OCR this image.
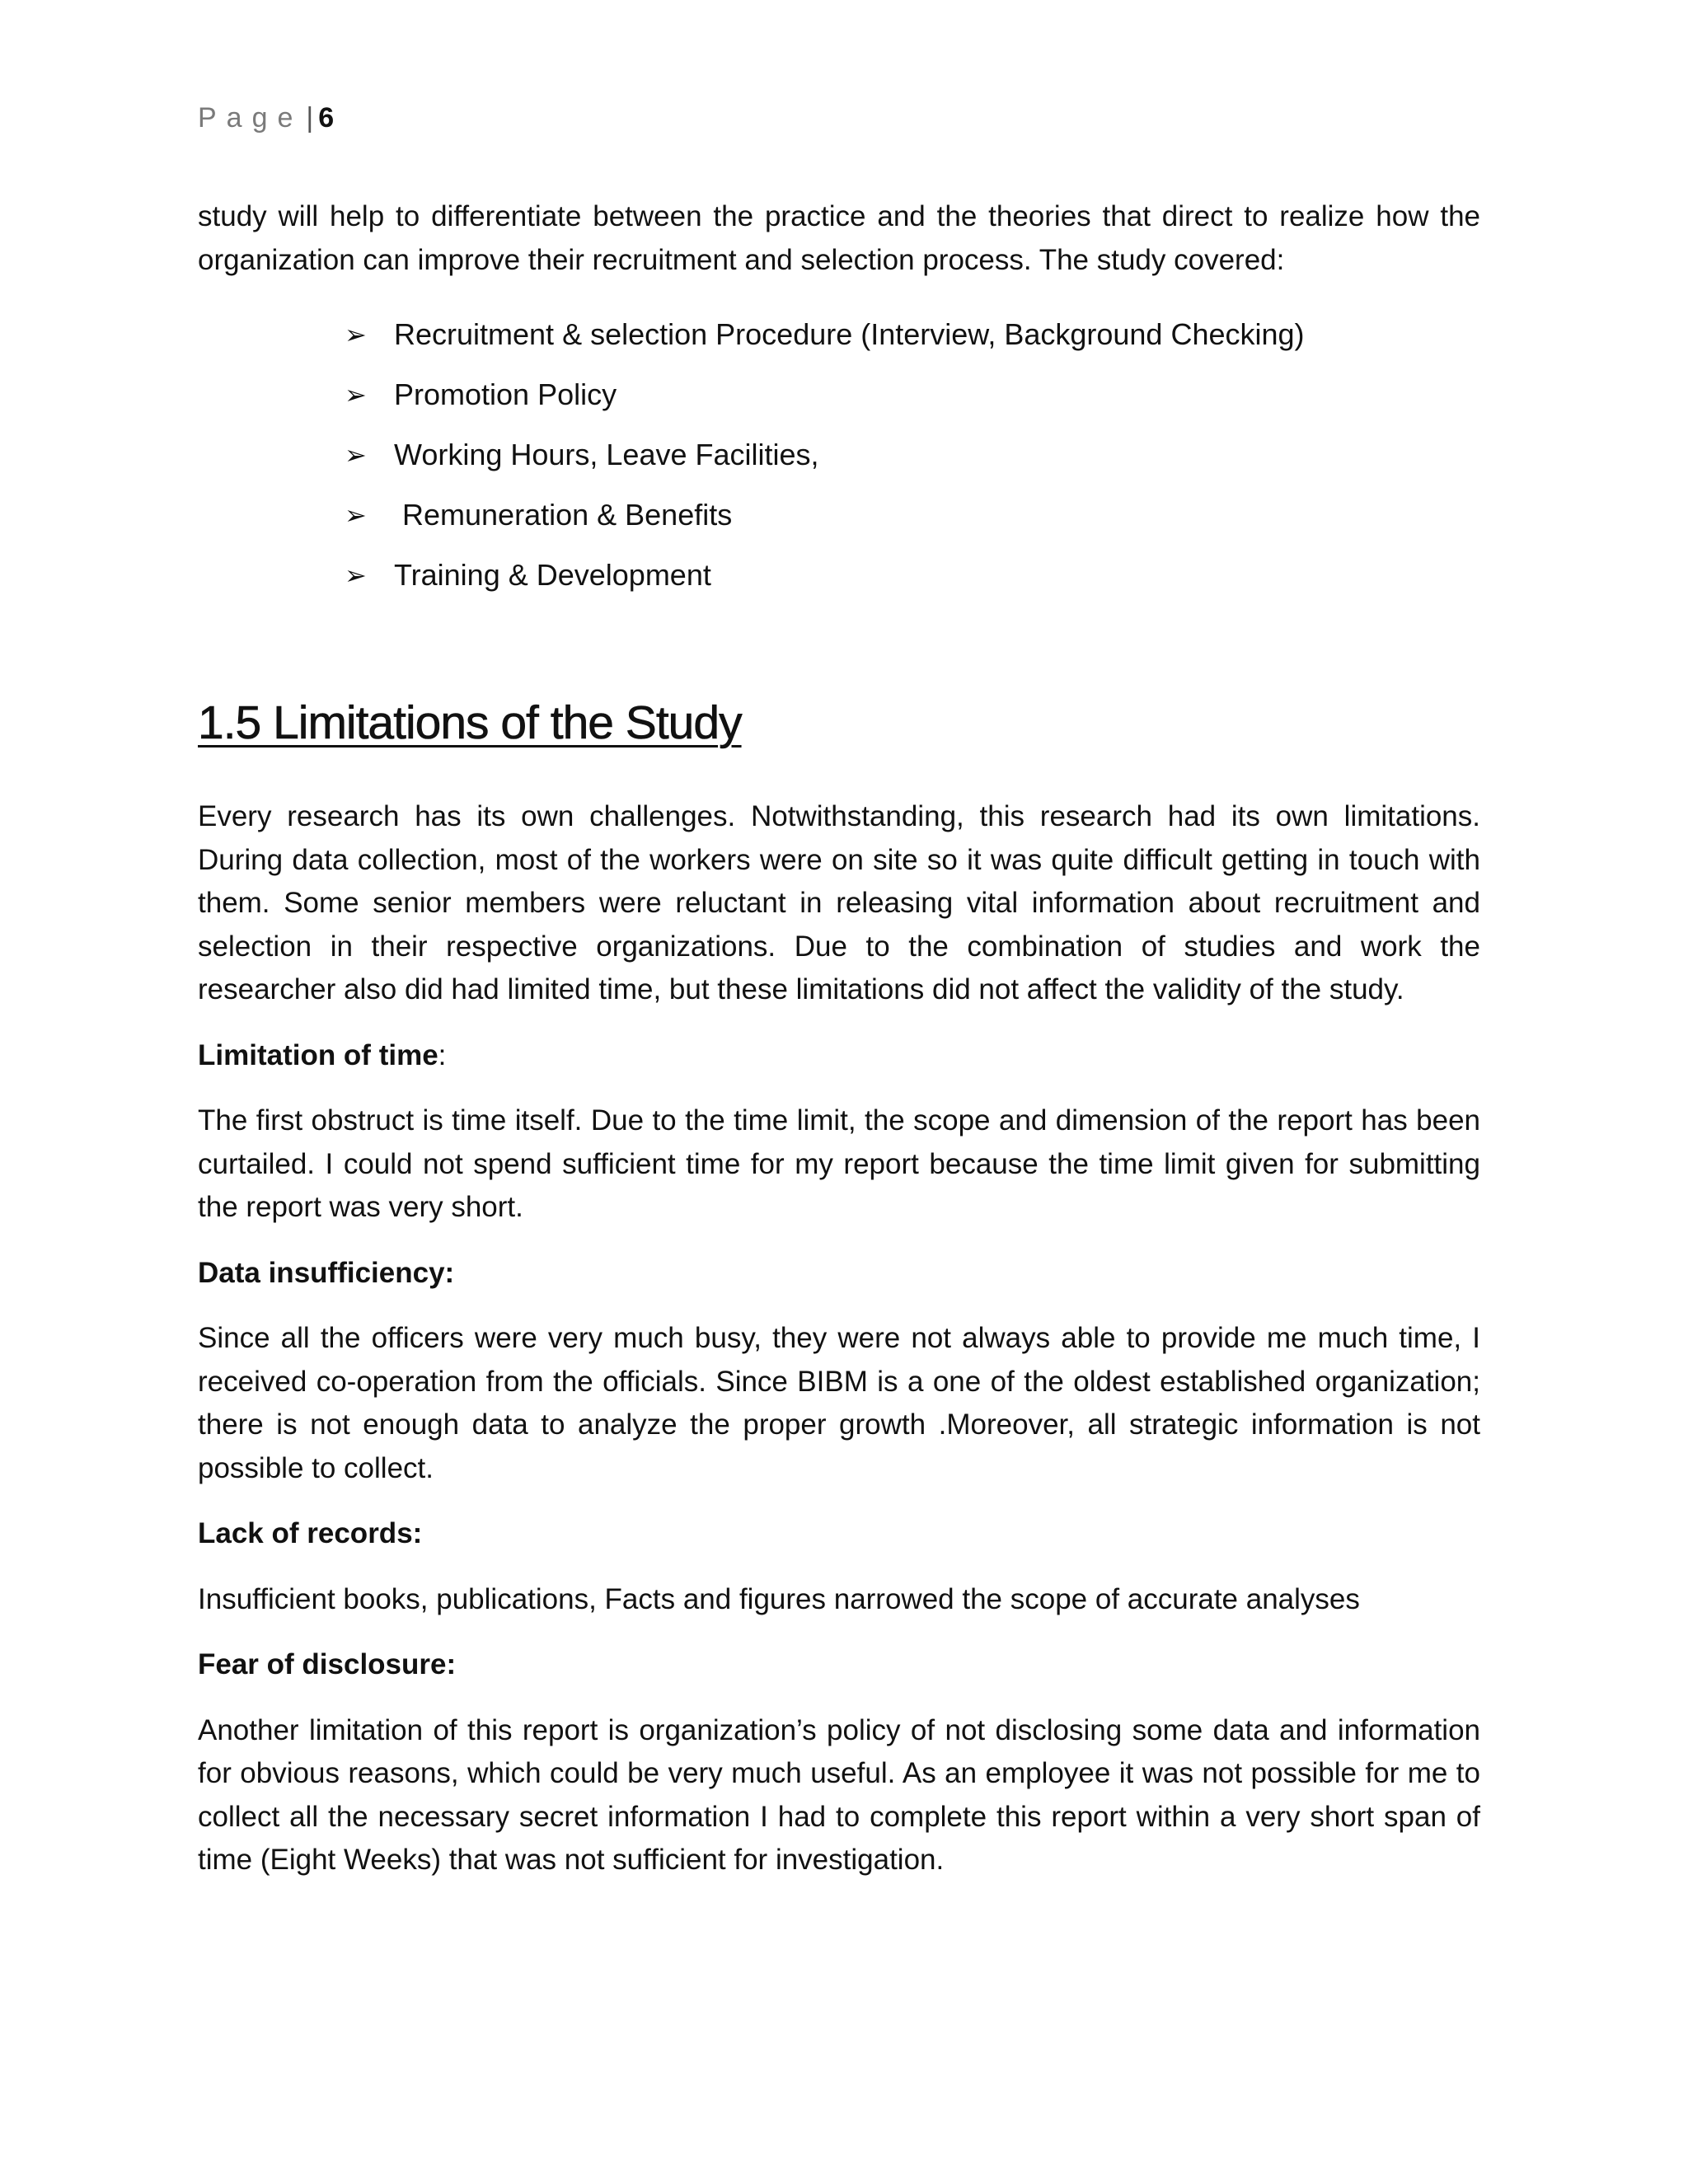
Page | 6

study will help to differentiate between the practice and the theories that direct to realize how the organization can improve their recruitment and selection process. The study covered:

➢ Recruitment & selection Procedure (Interview, Background Checking)
➢ Promotion Policy
➢ Working Hours, Leave Facilities,
➢ Remuneration & Benefits
➢ Training & Development
1.5 Limitations of the Study

Every research has its own challenges. Notwithstanding, this research had its own limitations. During data collection, most of the workers were on site so it was quite difficult getting in touch with them. Some senior members were reluctant in releasing vital information about recruitment and selection in their respective organizations. Due to the combination of studies and work the researcher also did had limited time, but these limitations did not affect the validity of the study.

Limitation of time:

The first obstruct is time itself. Due to the time limit, the scope and dimension of the report has been curtailed. I could not spend sufficient time for my report because the time limit given for submitting the report was very short.

Data insufficiency:

Since all the officers were very much busy, they were not always able to provide me much time, I received co-operation from the officials. Since BIBM is a one of the oldest established organization; there is not enough data to analyze the proper growth .Moreover, all strategic information is not possible to collect.

Lack of records:

Insufficient books, publications, Facts and figures narrowed the scope of accurate analyses

Fear of disclosure:

Another limitation of this report is organization’s policy of not disclosing some data and information for obvious reasons, which could be very much useful. As an employee it was not possible for me to collect all the necessary secret information I had to complete this report within a very short span of time (Eight Weeks) that was not sufficient for investigation.
